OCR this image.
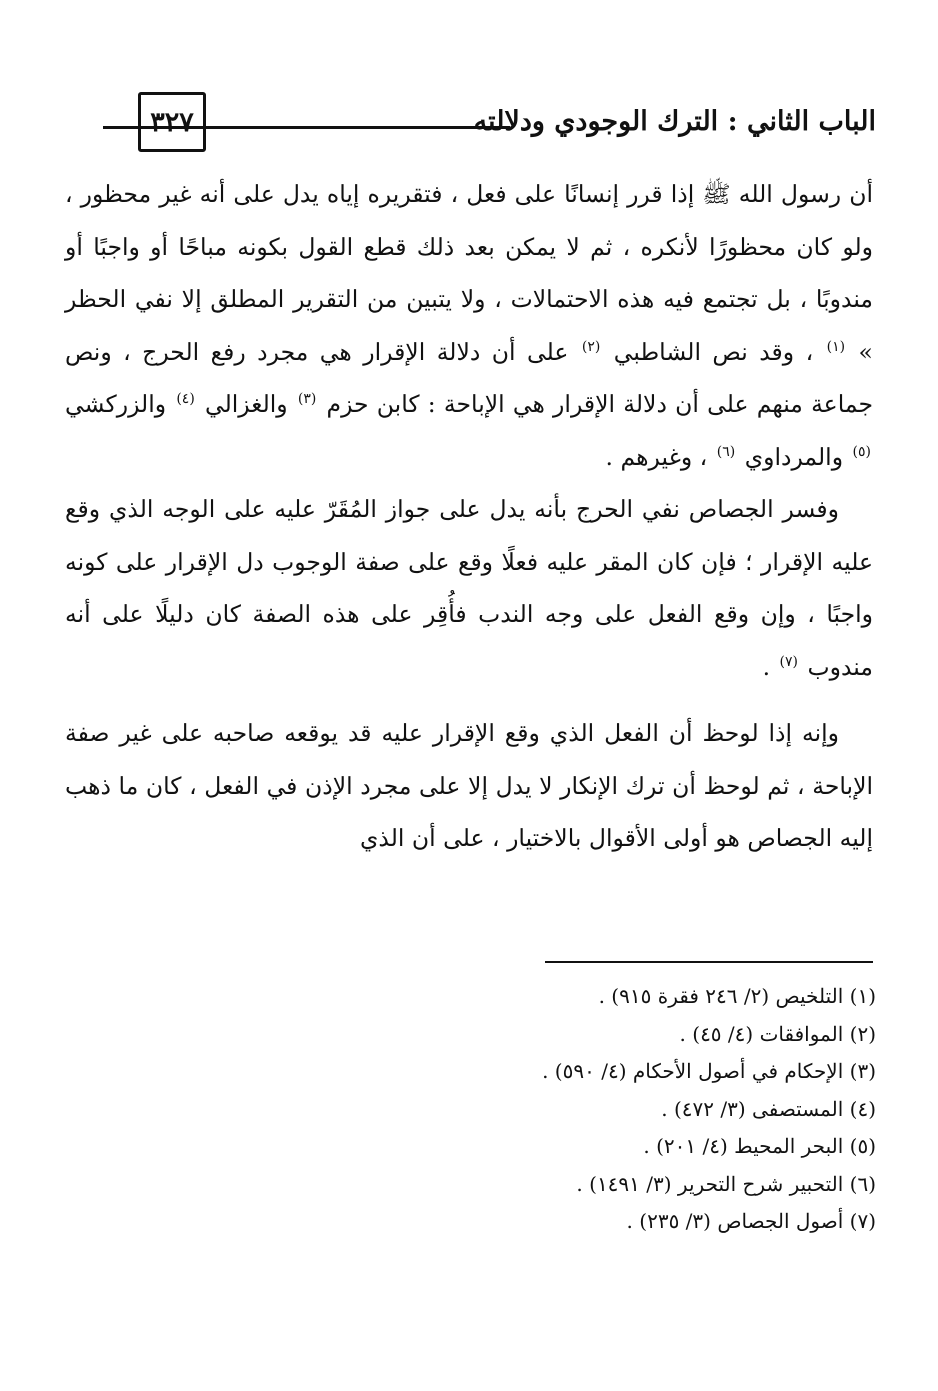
الباب الثاني : الترك الوجودي ودلالته
٣٢٧

أن رسول الله ﷺ إذا قرر إنسانًا على فعل ، فتقريره إياه يدل على أنه غير محظور ، ولو كان محظورًا لأنكره ، ثم لا يمكن بعد ذلك قطع القول بكونه مباحًا أو واجبًا أو مندوبًا ، بل تجتمع فيه هذه الاحتمالات ، ولا يتبين من التقرير المطلق إلا نفي الحظر » $^{(١)}$ ، وقد نص الشاطبي $^{(٢)}$ على أن دلالة الإقرار هي مجرد رفع الحرج ، ونص جماعة منهم على أن دلالة الإقرار هي الإباحة : كابن حزم $^{(٣)}$ والغزالي $^{(٤)}$ والزركشي $^{(٥)}$ والمرداوي $^{(٦)}$ ، وغيرهم .

وفسر الجصاص نفي الحرج بأنه يدل على جواز المُقَرّ عليه على الوجه الذي وقع عليه الإقرار ؛ فإن كان المقر عليه فعلًا وقع على صفة الوجوب دل الإقرار على كونه واجبًا ، وإن وقع الفعل على وجه الندب فأُقِر على هذه الصفة كان دليلًا على أنه مندوب $^{(٧)}$ .

وإنه إذا لوحظ أن الفعل الذي وقع الإقرار عليه قد يوقعه صاحبه على غير صفة الإباحة ، ثم لوحظ أن ترك الإنكار لا يدل إلا على مجرد الإذن في الفعل ، كان ما ذهب إليه الجصاص هو أولى الأقوال بالاختيار ، على أن الذي

(١) التلخيص (٢/ ٢٤٦ فقرة ٩١٥) .
(٢) الموافقات (٤/ ٤٥) .
(٣) الإحكام في أصول الأحكام (٤/ ٥٩٠) .
(٤) المستصفى (٣/ ٤٧٢) .
(٥) البحر المحيط (٤/ ٢٠١) .
(٦) التحبير شرح التحرير (٣/ ١٤٩١) .
(٧) أصول الجصاص (٣/ ٢٣٥) .
